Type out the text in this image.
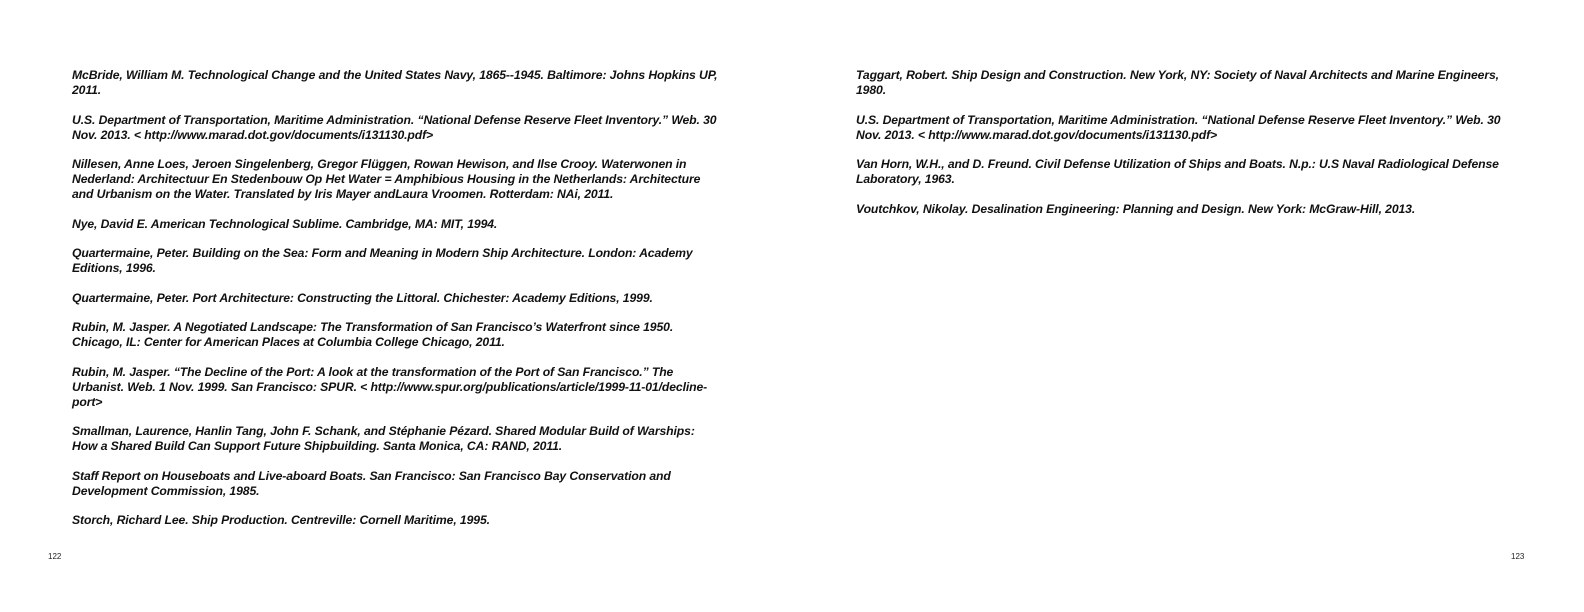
McBride, William M. Technological Change and the United States Navy, 1865--1945. Baltimore: Johns Hopkins UP, 2011.
U.S. Department of Transportation, Maritime Administration. “National Defense Reserve Fleet Inventory.” Web. 30 Nov. 2013. < http://www.marad.dot.gov/documents/i131130.pdf>
Nillesen, Anne Loes, Jeroen Singelenberg, Gregor Flüggen, Rowan Hewison, and Ilse Crooy. Waterwonen in Nederland: Architectuur En Stedenbouw Op Het Water = Amphibious Housing in the Netherlands: Architecture and Urbanism on the Water. Translated by Iris Mayer andLaura Vroomen. Rotterdam: NAi, 2011.
Nye, David E. American Technological Sublime. Cambridge, MA: MIT, 1994.
Quartermaine, Peter. Building on the Sea: Form and Meaning in Modern Ship Architecture. London: Academy Editions, 1996.
Quartermaine, Peter. Port Architecture: Constructing the Littoral. Chichester: Academy Editions, 1999.
Rubin, M. Jasper. A Negotiated Landscape: The Transformation of San Francisco’s Waterfront since 1950. Chicago, IL: Center for American Places at Columbia College Chicago, 2011.
Rubin, M. Jasper. “The Decline of the Port: A look at the transformation of the Port of San Francisco.” The Urbanist. Web. 1 Nov. 1999. San Francisco: SPUR. < http://www.spur.org/publications/article/1999-11-01/decline-port>
Smallman, Laurence, Hanlin Tang, John F. Schank, and Stéphanie Pézard. Shared Modular Build of Warships: How a Shared Build Can Support Future Shipbuilding. Santa Monica, CA: RAND, 2011.
Staff Report on Houseboats and Live-aboard Boats. San Francisco: San Francisco Bay Conservation and Development Commission, 1985.
Storch, Richard Lee. Ship Production. Centreville: Cornell Maritime, 1995.
122
Taggart, Robert. Ship Design and Construction. New York, NY: Society of Naval Architects and Marine Engineers, 1980.
U.S. Department of Transportation, Maritime Administration. “National Defense Reserve Fleet Inventory.” Web. 30 Nov. 2013. < http://www.marad.dot.gov/documents/i131130.pdf>
Van Horn, W.H., and D. Freund. Civil Defense Utilization of Ships and Boats. N.p.: U.S Naval Radiological Defense Laboratory, 1963.
Voutchkov, Nikolay. Desalination Engineering: Planning and Design. New York: McGraw-Hill, 2013.
123
